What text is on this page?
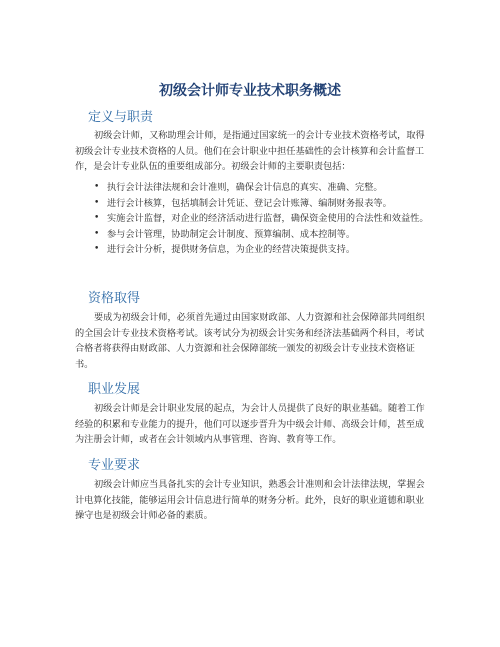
初级会计师专业技术职务概述
定义与职责
初级会计师，又称助理会计师，是指通过国家统一的会计专业技术资格考试，取得初级会计专业技术资格的人员。他们在会计职业中担任基础性的会计核算和会计监督工作，是会计专业队伍的重要组成部分。初级会计师的主要职责包括：
• 执行会计法律法规和会计准则，确保会计信息的真实、准确、完整。
• 进行会计核算，包括填制会计凭证、登记会计账簿、编制财务报表等。
• 实施会计监督，对企业的经济活动进行监督，确保资金使用的合法性和效益性。
• 参与会计管理，协助制定会计制度、预算编制、成本控制等。
• 进行会计分析，提供财务信息，为企业的经营决策提供支持。
资格取得
要成为初级会计师，必须首先通过由国家财政部、人力资源和社会保障部共同组织的全国会计专业技术资格考试。该考试分为初级会计实务和经济法基础两个科目，考试合格者将获得由财政部、人力资源和社会保障部统一颁发的初级会计专业技术资格证书。
职业发展
初级会计师是会计职业发展的起点，为会计人员提供了良好的职业基础。随着工作经验的积累和专业能力的提升，他们可以逐步晋升为中级会计师、高级会计师，甚至成为注册会计师，或者在会计领域内从事管理、咨询、教育等工作。
专业要求
初级会计师应当具备扎实的会计专业知识，熟悉会计准则和会计法律法规，掌握会计电算化技能，能够运用会计信息进行简单的财务分析。此外，良好的职业道德和职业操守也是初级会计师必备的素质。
